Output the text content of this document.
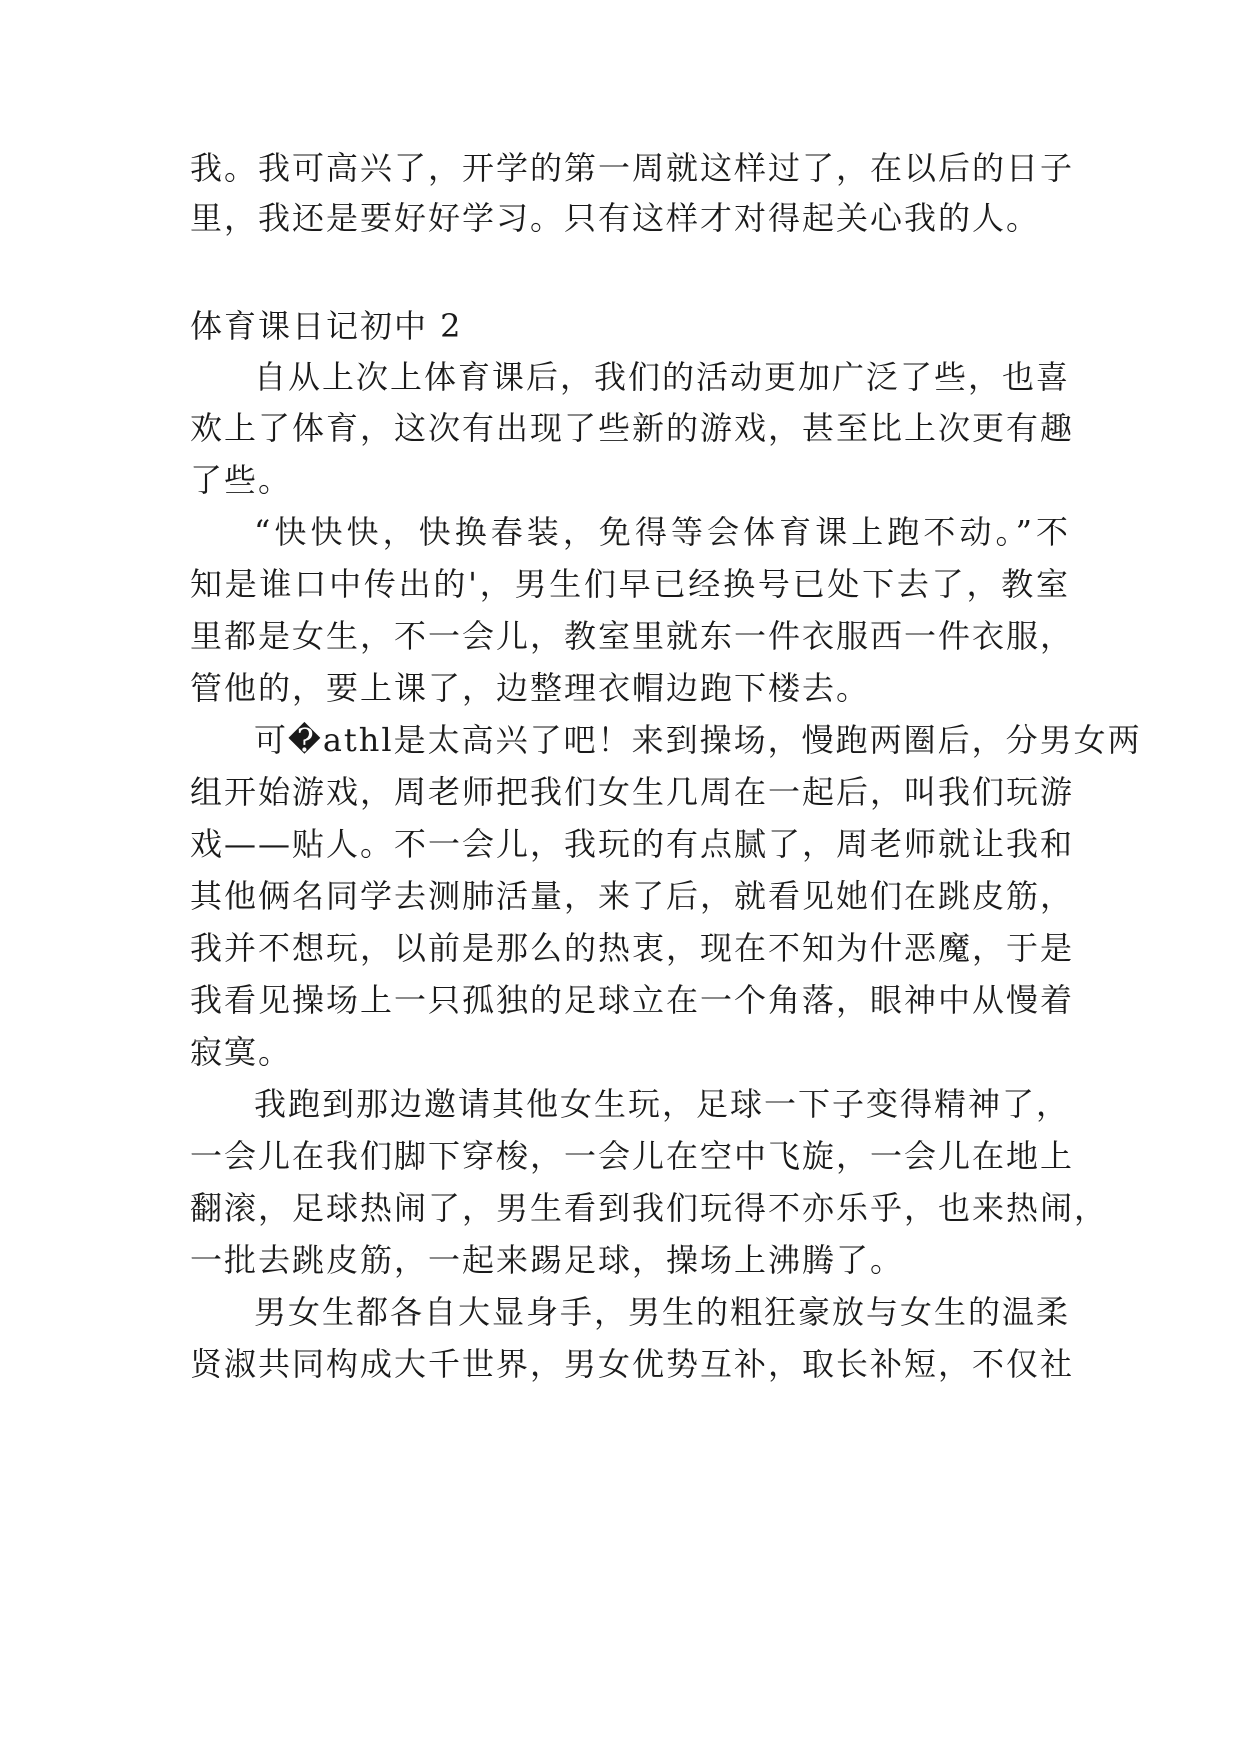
我。我可高兴了，开学的第一周就这样过了，在以后的日子
里，我还是要好好学习。只有这样才对得起关心我的人。
体育课日记初中 2
自从上次上体育课后，我们的活动更加广泛了些，也喜
欢上了体育，这次有出现了些新的游戏，甚至比上次更有趣
了些。
“快快快，快换春装，免得等会体育课上跑不动。”不
知是谁口中传出的'，男生们早已经换号已处下去了，教室
里都是女生，不一会儿，教室里就东一件衣服西一件衣服，
管他的，要上课了，边整理衣帽边跑下楼去。
可�athl是太高兴了吧！来到操场，慢跑两圈后，分男女两
组开始游戏，周老师把我们女生几周在一起后，叫我们玩游
戏——贴人。不一会儿，我玩的有点腻了，周老师就让我和
其他俩名同学去测肺活量，来了后，就看见她们在跳皮筋，
我并不想玩，以前是那么的热衷，现在不知为什恶魔，于是
我看见操场上一只孤独的足球立在一个角落，眼神中从慢着
寂寞。
我跑到那边邀请其他女生玩，足球一下子变得精神了，
一会儿在我们脚下穿梭，一会儿在空中飞旋，一会儿在地上
翻滚，足球热闹了，男生看到我们玩得不亦乐乎，也来热闹，
一批去跳皮筋，一起来踢足球，操场上沸腾了。
男女生都各自大显身手，男生的粗狂豪放与女生的温柔
贤淑共同构成大千世界，男女优势互补，取长补短，不仅社
